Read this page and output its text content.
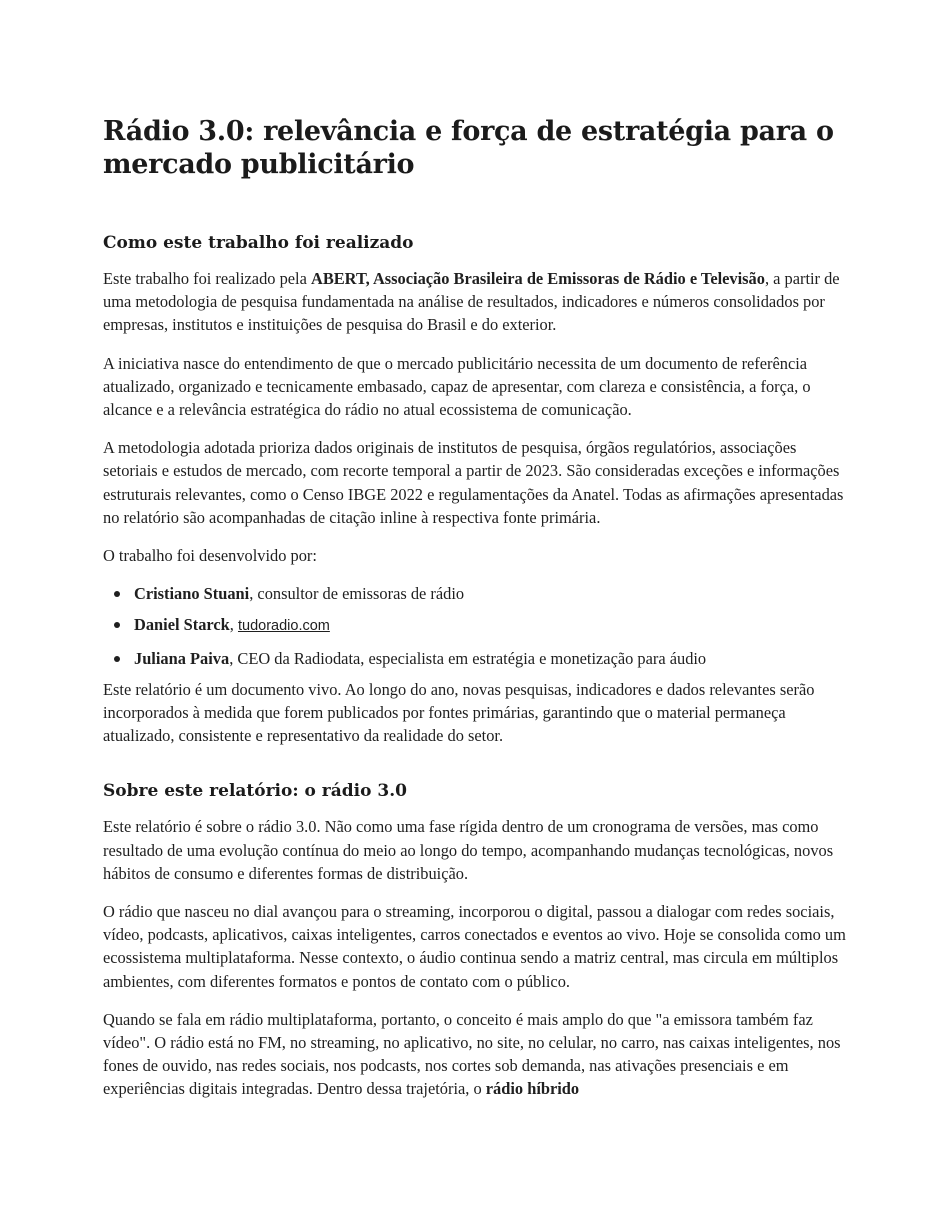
Rádio 3.0: relevância e força de estratégia para o mercado publicitário
Como este trabalho foi realizado

Este trabalho foi realizado pela ABERT, Associação Brasileira de Emissoras de Rádio e Televisão, a partir de uma metodologia de pesquisa fundamentada na análise de resultados, indicadores e números consolidados por empresas, institutos e instituições de pesquisa do Brasil e do exterior.

A iniciativa nasce do entendimento de que o mercado publicitário necessita de um documento de referência atualizado, organizado e tecnicamente embasado, capaz de apresentar, com clareza e consistência, a força, o alcance e a relevância estratégica do rádio no atual ecossistema de comunicação.

A metodologia adotada prioriza dados originais de institutos de pesquisa, órgãos regulatórios, associações setoriais e estudos de mercado, com recorte temporal a partir de 2023. São consideradas exceções e informações estruturais relevantes, como o Censo IBGE 2022 e regulamentações da Anatel. Todas as afirmações apresentadas no relatório são acompanhadas de citação inline à respectiva fonte primária.

O trabalho foi desenvolvido por:

Cristiano Stuani, consultor de emissoras de rádio
Daniel Starck, tudoradio.com
Juliana Paiva, CEO da Radiodata, especialista em estratégia e monetização para áudio

Este relatório é um documento vivo. Ao longo do ano, novas pesquisas, indicadores e dados relevantes serão incorporados à medida que forem publicados por fontes primárias, garantindo que o material permaneça atualizado, consistente e representativo da realidade do setor.

Sobre este relatório: o rádio 3.0

Este relatório é sobre o rádio 3.0. Não como uma fase rígida dentro de um cronograma de versões, mas como resultado de uma evolução contínua do meio ao longo do tempo, acompanhando mudanças tecnológicas, novos hábitos de consumo e diferentes formas de distribuição.

O rádio que nasceu no dial avançou para o streaming, incorporou o digital, passou a dialogar com redes sociais, vídeo, podcasts, aplicativos, caixas inteligentes, carros conectados e eventos ao vivo. Hoje se consolida como um ecossistema multiplataforma. Nesse contexto, o áudio continua sendo a matriz central, mas circula em múltiplos ambientes, com diferentes formatos e pontos de contato com o público.

Quando se fala em rádio multiplataforma, portanto, o conceito é mais amplo do que "a emissora também faz vídeo". O rádio está no FM, no streaming, no aplicativo, no site, no celular, no carro, nas caixas inteligentes, nos fones de ouvido, nas redes sociais, nos podcasts, nos cortes sob demanda, nas ativações presenciais e em experiências digitais integradas. Dentro dessa trajetória, o rádio híbrido
